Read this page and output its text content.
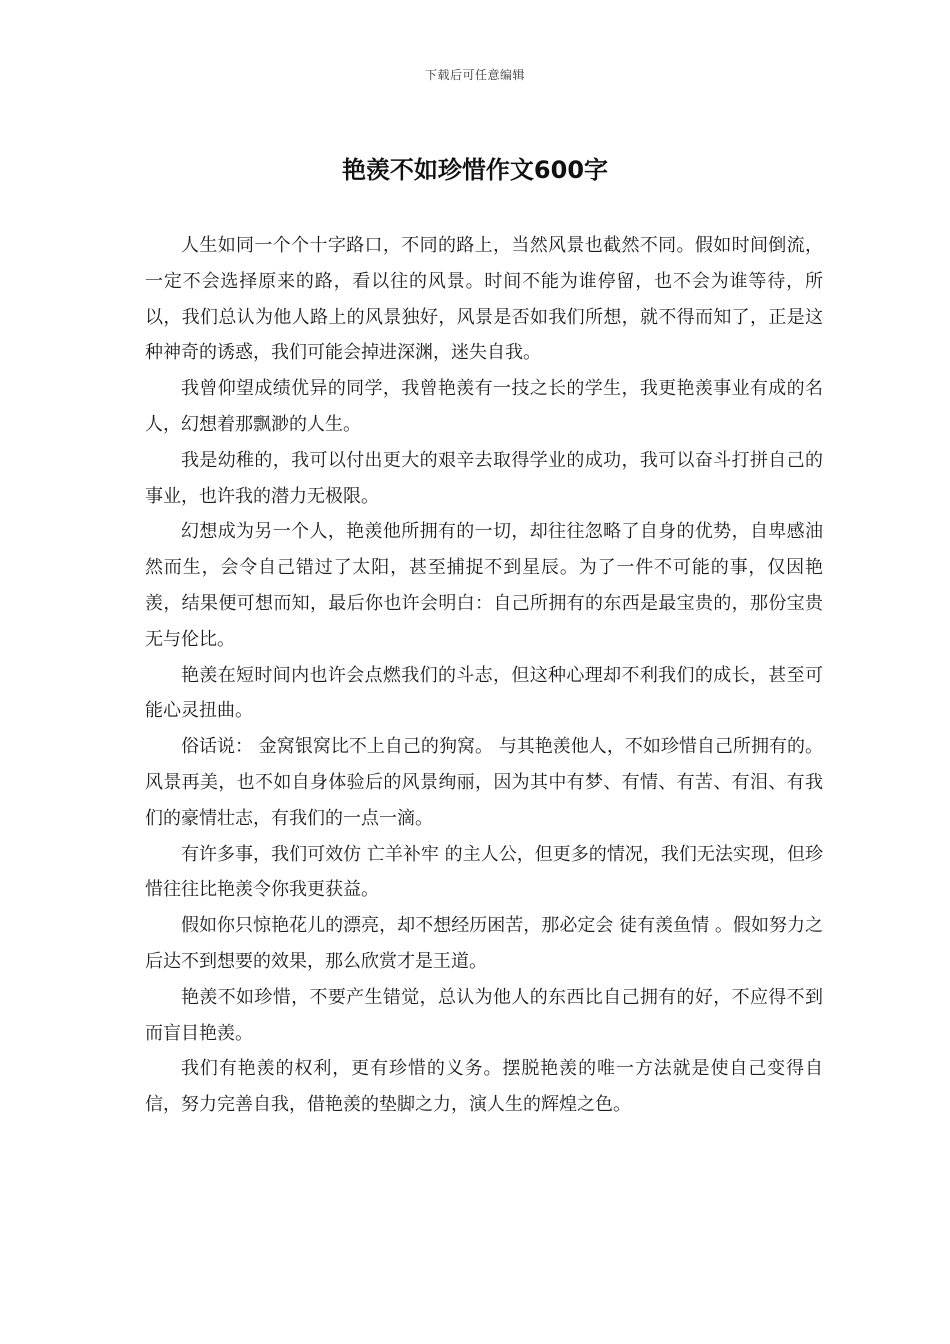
下载后可任意编辑
艳羡不如珍惜作文600字

人生如同一个个十字路口，不同的路上，当然风景也截然不同。假如时间倒流，一定不会选择原来的路，看以往的风景。时间不能为谁停留，也不会为谁等待，所以，我们总认为他人路上的风景独好，风景是否如我们所想，就不得而知了，正是这种神奇的诱惑，我们可能会掉进深渊，迷失自我。

我曾仰望成绩优异的同学，我曾艳羡有一技之长的学生，我更艳羡事业有成的名人，幻想着那飘渺的人生。

我是幼稚的，我可以付出更大的艰辛去取得学业的成功，我可以奋斗打拼自己的事业，也许我的潜力无极限。

幻想成为另一个人，艳羡他所拥有的一切，却往往忽略了自身的优势，自卑感油然而生，会令自己错过了太阳，甚至捕捉不到星辰。为了一件不可能的事，仅因艳羡，结果便可想而知，最后你也许会明白：自己所拥有的东西是最宝贵的，那份宝贵无与伦比。

艳羡在短时间内也许会点燃我们的斗志，但这种心理却不利我们的成长，甚至可能心灵扭曲。

俗话说： 金窝银窝比不上自己的狗窝。 与其艳羡他人，不如珍惜自己所拥有的。风景再美，也不如自身体验后的风景绚丽，因为其中有梦、有情、有苦、有泪、有我们的豪情壮志，有我们的一点一滴。

有许多事，我们可效仿 亡羊补牢 的主人公，但更多的情况，我们无法实现，但珍惜往往比艳羡令你我更获益。

假如你只惊艳花儿的漂亮，却不想经历困苦，那必定会 徒有羡鱼情 。假如努力之后达不到想要的效果，那么欣赏才是王道。

艳羡不如珍惜，不要产生错觉，总认为他人的东西比自己拥有的好，不应得不到而盲目艳羡。

我们有艳羡的权利，更有珍惜的义务。摆脱艳羡的唯一方法就是使自己变得自信，努力完善自我，借艳羡的垫脚之力，演人生的辉煌之色。
